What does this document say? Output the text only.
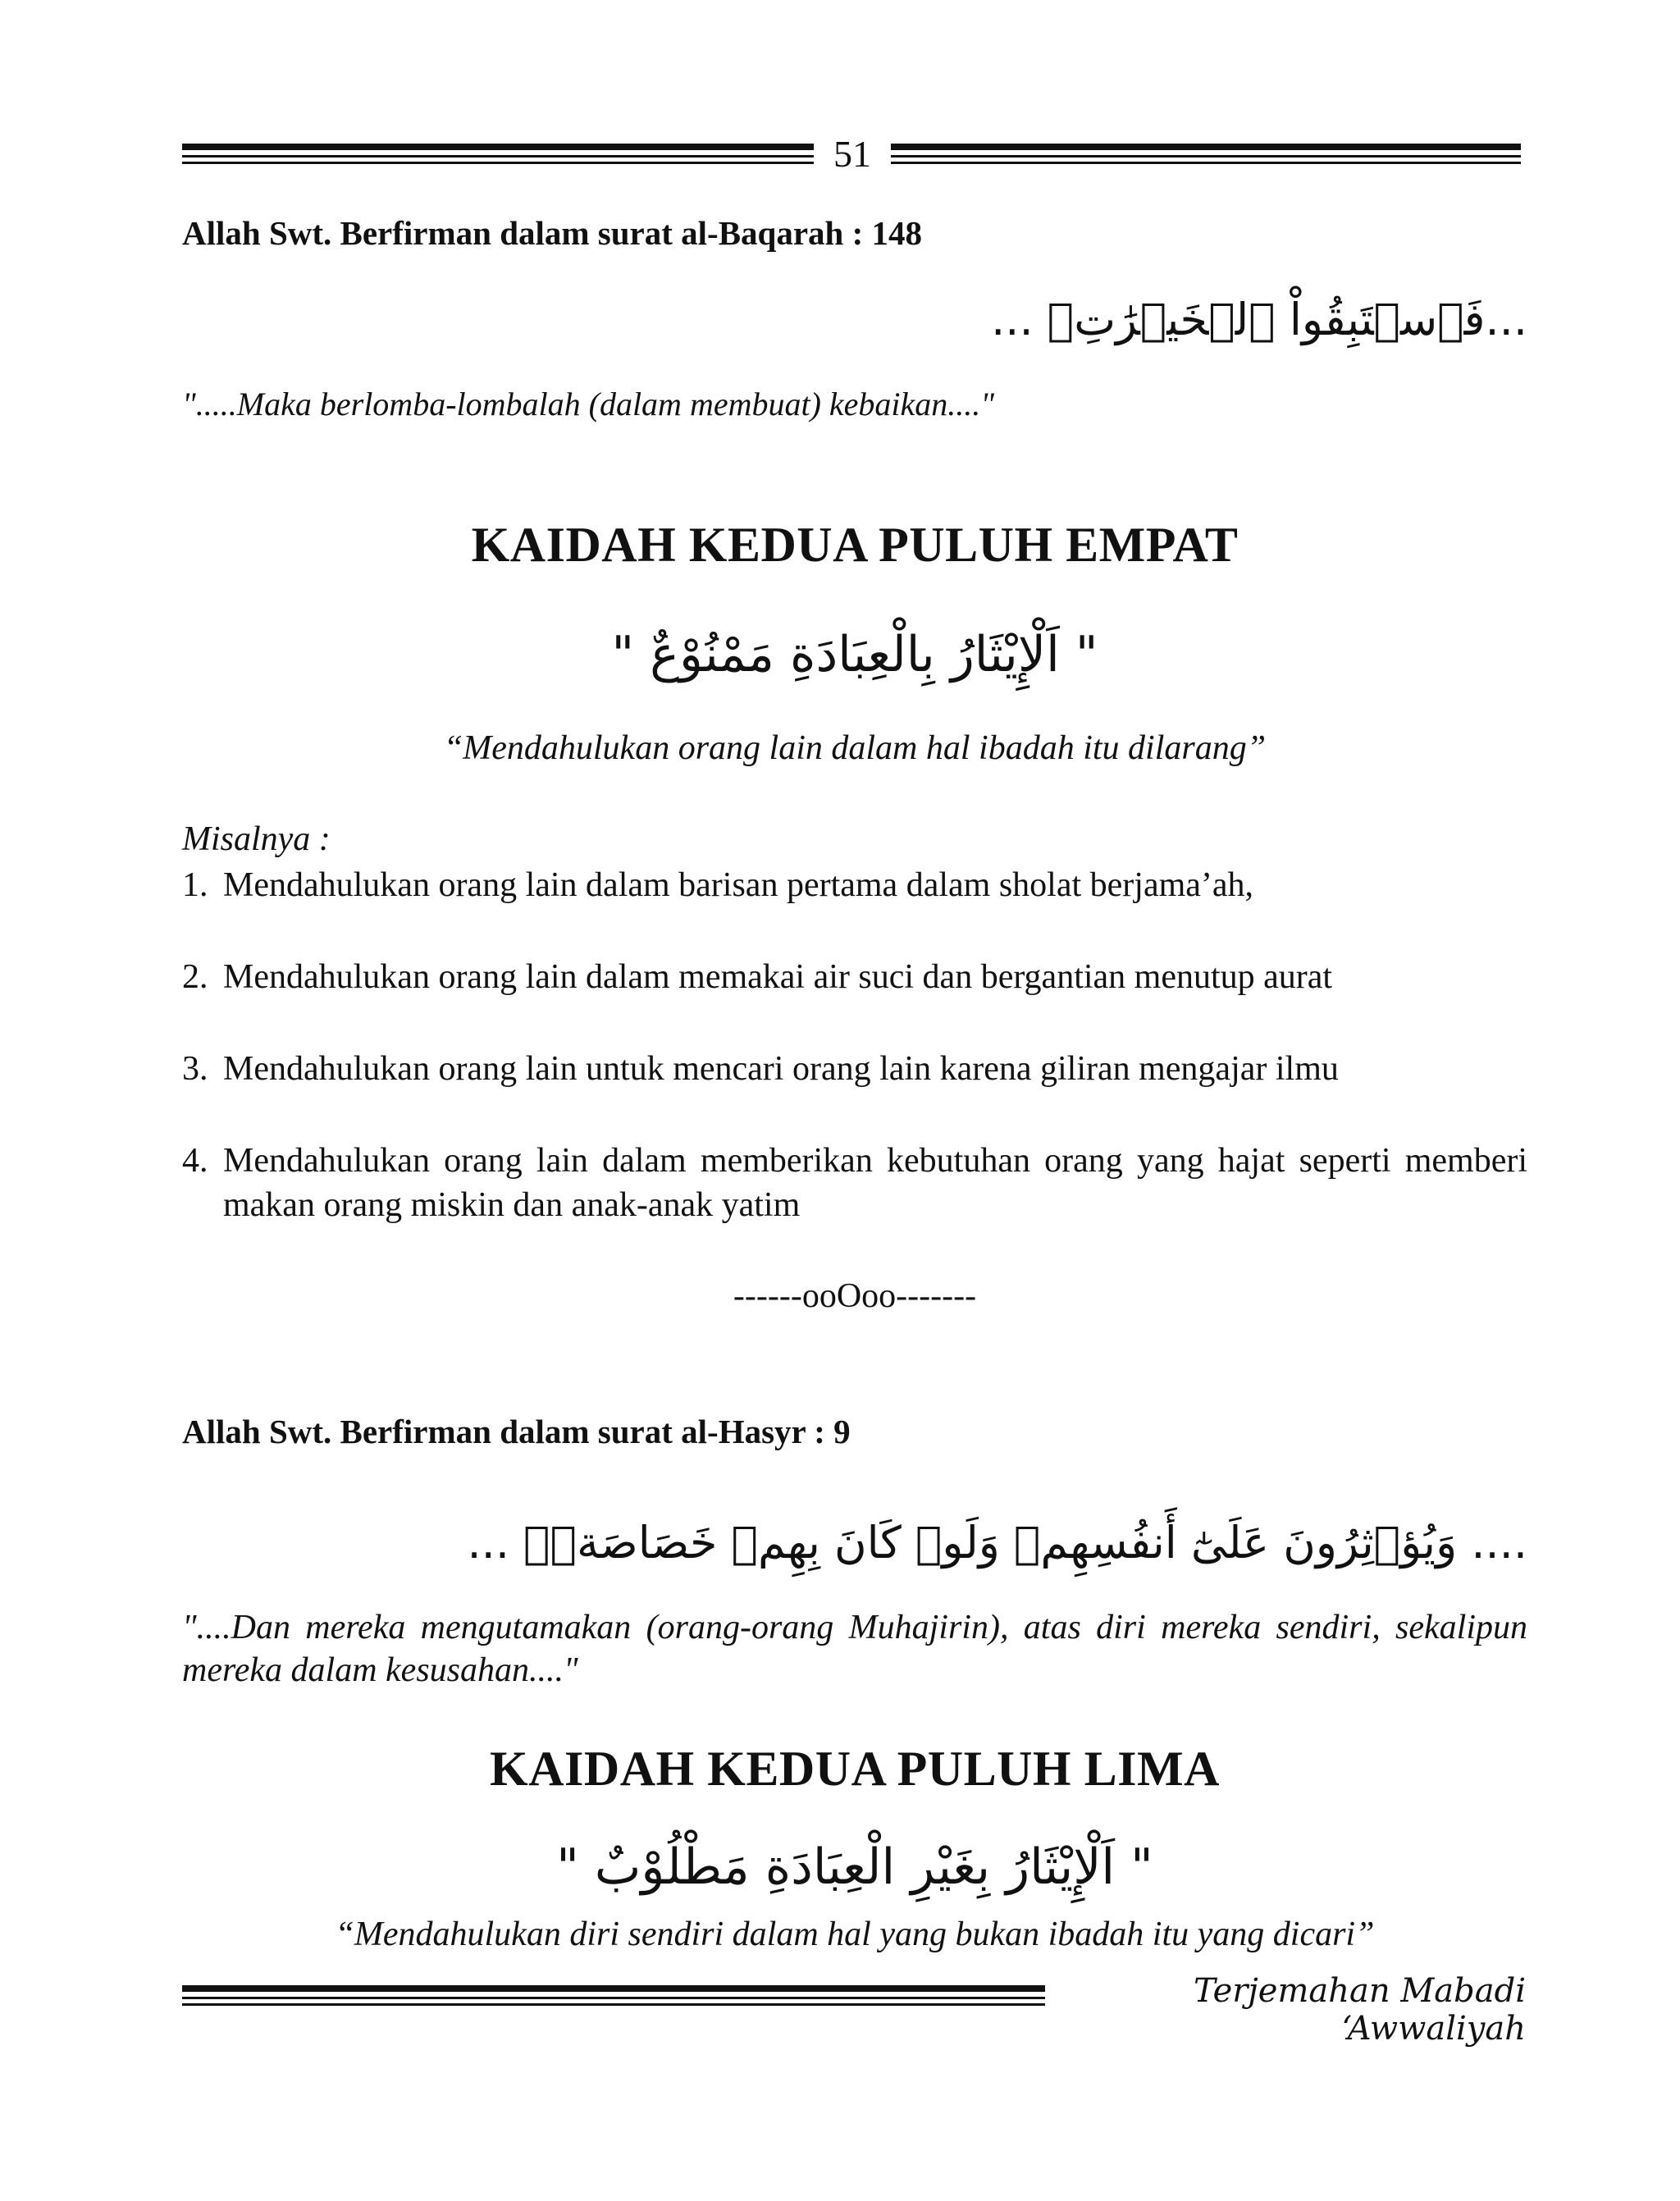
51
Allah Swt. Berfirman dalam surat al-Baqarah : 148
...فَٱسۡتَبِقُواْ ٱلۡخَيۡرَٰتِۚ ...
".....Maka berlomba-lombalah (dalam membuat) kebaikan...."
KAIDAH KEDUA PULUH EMPAT
" اَلْإِيْثَارُ بِالْعِبَادَةِ مَمْنُوْعٌ "
“Mendahulukan orang lain dalam hal ibadah itu dilarang”
Misalnya :
1. Mendahulukan orang lain dalam barisan pertama dalam sholat berjama’ah,
2. Mendahulukan orang lain dalam memakai air suci dan bergantian menutup aurat
3. Mendahulukan orang lain untuk mencari orang lain karena giliran mengajar ilmu
4. Mendahulukan orang lain dalam memberikan kebutuhan orang yang hajat seperti memberi makan orang miskin dan anak-anak yatim
------ooOoo-------
Allah Swt. Berfirman dalam surat al-Hasyr : 9
.... وَيُؤۡثِرُونَ عَلَىٰٓ أَنفُسِهِمۡ وَلَوۡ كَانَ بِهِمۡ خَصَاصَةٞۚ ...
"....Dan mereka mengutamakan (orang-orang Muhajirin), atas diri mereka sendiri, sekalipun mereka dalam kesusahan...."
KAIDAH KEDUA PULUH LIMA
" اَلْإِيْثَارُ بِغَيْرِ الْعِبَادَةِ مَطْلُوْبٌ "
“Mendahulukan diri sendiri dalam hal yang bukan ibadah itu yang dicari”
Terjemahan Mabadi ‘Awwaliyah
